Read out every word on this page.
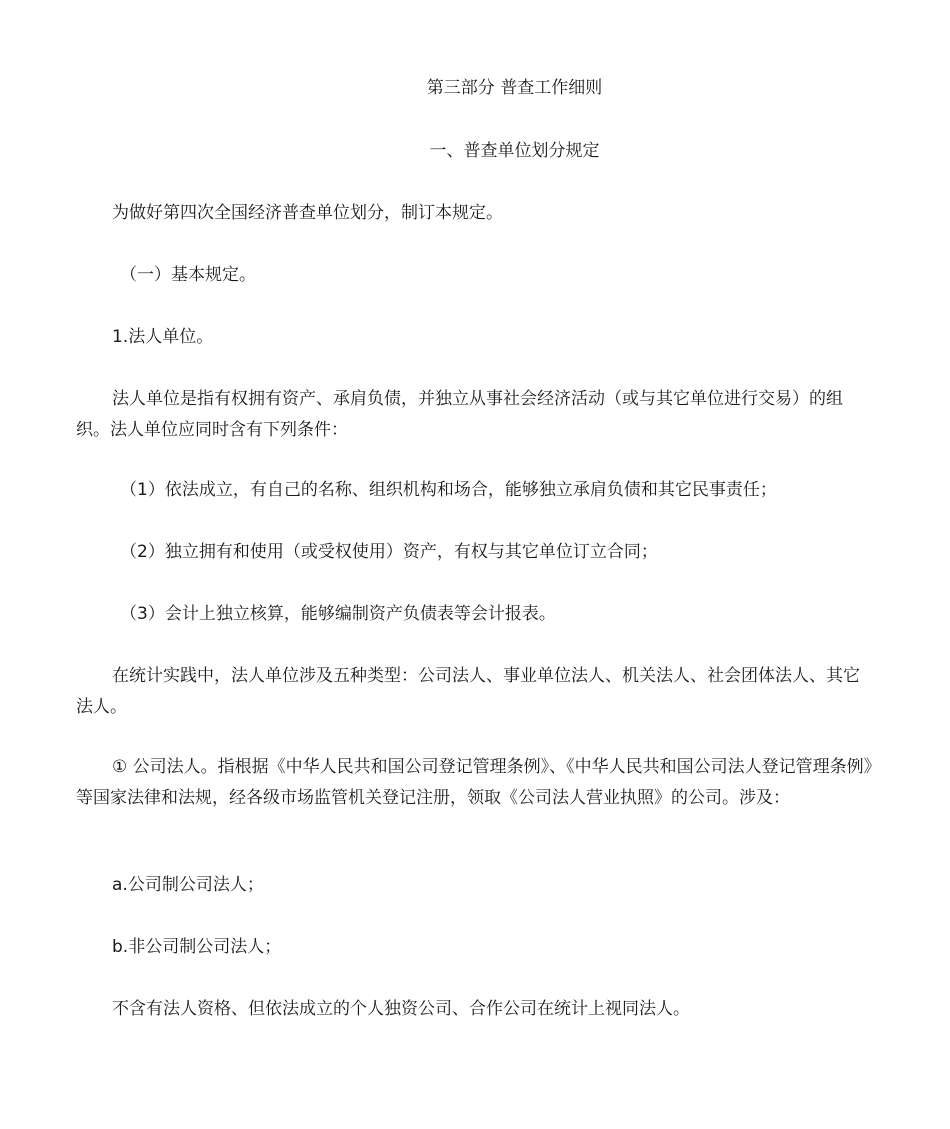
第三部分 普查工作细则
一、普查单位划分规定
为做好第四次全国经济普查单位划分，制订本规定。
（一）基本规定。
1.法人单位。
法人单位是指有权拥有资产、承肩负债，并独立从事社会经济活动（或与其它单位进行交易）的组织。法人单位应同时含有下列条件：
（1）依法成立，有自己的名称、组织机构和场合，能够独立承肩负债和其它民事责任；
（2）独立拥有和使用（或受权使用）资产，有权与其它单位订立合同；
（3）会计上独立核算，能够编制资产负债表等会计报表。
在统计实践中，法人单位涉及五种类型：公司法人、事业单位法人、机关法人、社会团体法人、其它法人。
① 公司法人。指根据《中华人民共和国公司登记管理条例》、《中华人民共和国公司法人登记管理条例》等国家法律和法规，经各级市场监管机关登记注册，领取《公司法人营业执照》的公司。涉及：
a.公司制公司法人；
b.非公司制公司法人；
不含有法人资格、但依法成立的个人独资公司、合作公司在统计上视同法人。
